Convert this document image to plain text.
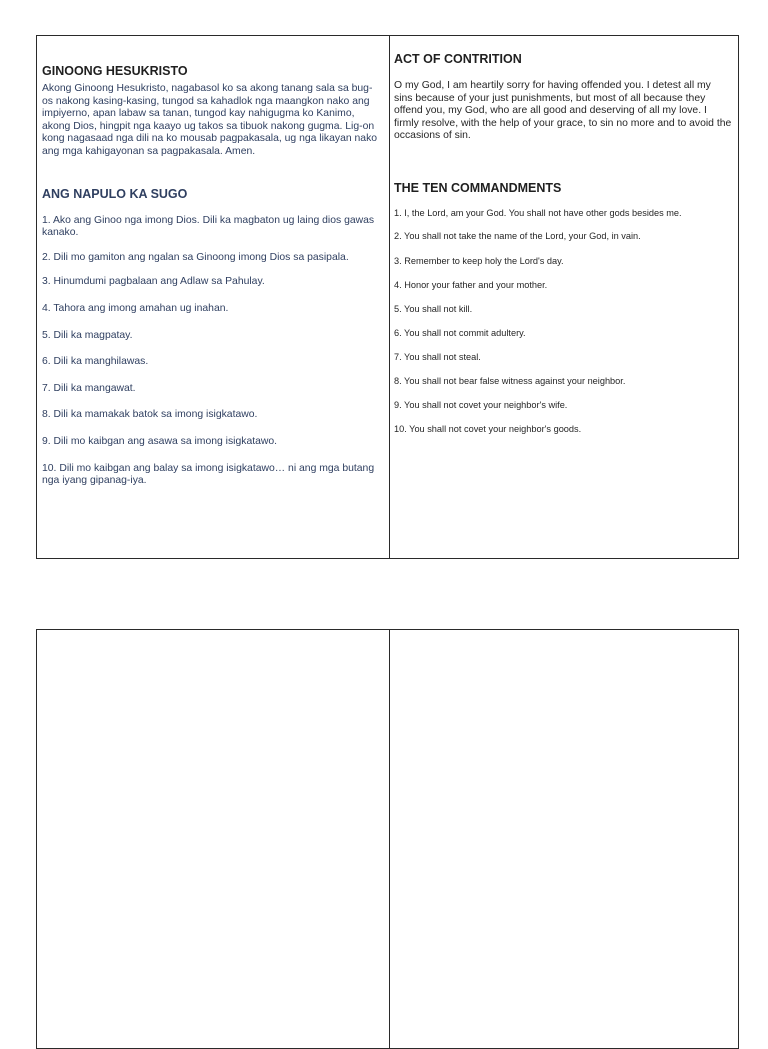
GINOONG HESUKRISTO

Akong Ginoong Hesukristo, nagabasol ko sa akong tanang sala sa bug-os nakong kasing-kasing, tungod sa kahadlok nga maangkon nako ang impiyerno, apan labaw sa tanan, tungod kay nahigugma ko Kanimo, akong Dios, hingpit nga kaayo ug takos sa tibuok nakong gugma. Lig-on kong nagasaad nga dili na ko mousab pagpakasala, ug nga likayan nako ang mga kahigayonan sa pagpakasala. Amen.

ANG NAPULO KA SUGO

1. Ako ang Ginoo nga imong Dios. Dili ka magbaton ug laing dios gawas kanako.

2. Dili mo gamiton ang ngalan sa Ginoong imong Dios sa pasipala.

3. Hinumdumi pagbalaan ang Adlaw sa Pahulay.

4. Tahora ang imong amahan ug inahan.

5. Dili ka magpatay.

6. Dili ka manghilawas.

7. Dili ka mangawat.

8. Dili ka mamakak batok sa imong isigkatawo.

9. Dili mo kaibgan ang asawa sa imong isigkatawo.

10. Dili mo kaibgan ang balay sa imong isigkatawo… ni ang mga butang nga iyang gipanag-iya.

ACT OF CONTRITION

O my God, I am heartily sorry for having offended you. I detest all my sins because of your just punishments, but most of all because they offend you, my God, who are all good and deserving of all my love. I firmly resolve, with the help of your grace, to sin no more and to avoid the occasions of sin.

THE TEN COMMANDMENTS

1. I, the Lord, am your God. You shall not have other gods besides me.

2. You shall not take the name of the Lord, your God, in vain.

3. Remember to keep holy the Lord's day.

4. Honor your father and your mother.

5. You shall not kill.

6. You shall not commit adultery.

7. You shall not steal.

8. You shall not bear false witness against your neighbor.

9. You shall not covet your neighbor's wife.

10. You shall not covet your neighbor's goods.
